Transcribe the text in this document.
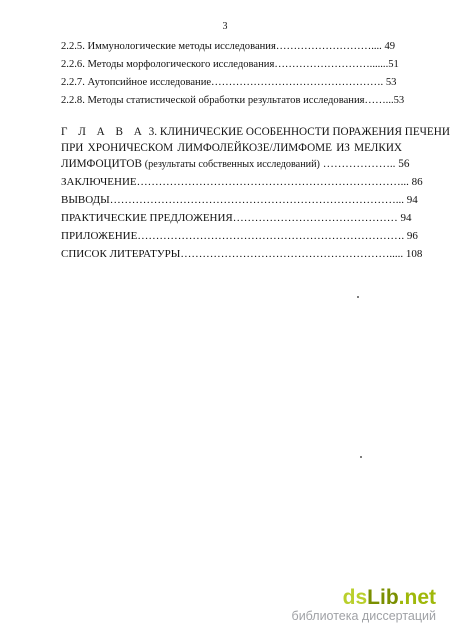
3
2.2.5. Иммунологические методы исследования……………………….... 49
2.2.6. Методы морфологического исследования……………………….......51
2.2.7. Аутопсийное исследование…………………………………………. 53
2.2.8. Методы статистической обработки результатов исследования……...53
Г Л А В А 3. КЛИНИЧЕСКИЕ ОСОБЕННОСТИ ПОРАЖЕНИЯ ПЕЧЕНИ
ПРИ ХРОНИЧЕСКОМ ЛИМФОЛЕЙКОЗЕ/ЛИМФОМЕ ИЗ МЕЛКИХ
ЛИМФОЦИТОВ (результаты собственных исследований) ……………….. 56
ЗАКЛЮЧЕНИЕ………………………………………………………………... 86
ВЫВОДЫ……………………………………………………………………... 94
ПРАКТИЧЕСКИЕ ПРЕДЛОЖЕНИЯ……………………………………… 94
ПРИЛОЖЕНИЕ………………………………………………………………. 96
СПИСОК ЛИТЕРАТУРЫ…………………………………………………..... 108
dsLib.net
библиотека диссертаций
